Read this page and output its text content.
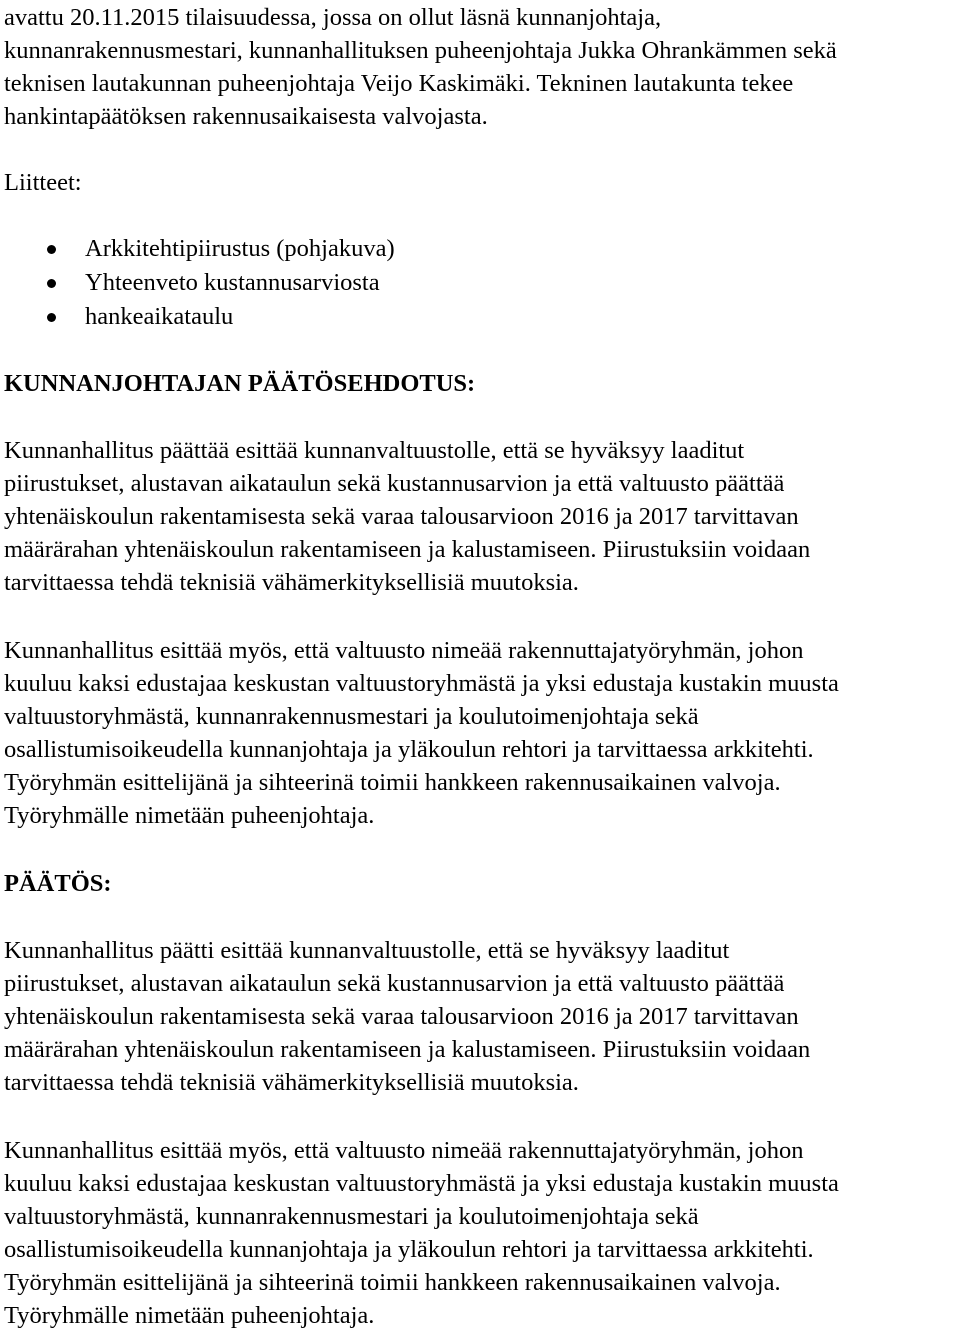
avattu 20.11.2015 tilaisuudessa, jossa on ollut läsnä kunnanjohtaja,
kunnanrakennusmestari, kunnanhallituksen puheenjohtaja Jukka Ohrankämmen sekä
teknisen lautakunnan puheenjohtaja Veijo Kaskimäki. Tekninen lautakunta tekee
hankintapäätöksen rakennusaikaisesta valvojasta.
Liitteet:
Arkkitehtipiirustus (pohjakuva)
Yhteenveto kustannusarviosta
hankeaikataulu
KUNNANJOHTAJAN PÄÄTÖSEHDOTUS:
Kunnanhallitus päättää esittää kunnanvaltuustolle, että se hyväksyy laaditut
piirustukset, alustavan aikataulun sekä kustannusarvion ja että valtuusto päättää
yhtenäiskoulun rakentamisesta sekä varaa talousarvioon 2016 ja 2017 tarvittavan
määrärahan yhtenäiskoulun rakentamiseen ja kalustamiseen. Piirustuksiin voidaan
tarvittaessa tehdä teknisiä vähämerkityksellisiä muutoksia.
Kunnanhallitus esittää myös, että valtuusto nimeää rakennuttajatyöryhmän, johon
kuuluu kaksi edustajaa keskustan valtuustoryhmästä ja yksi edustaja kustakin muusta
valtuustoryhmästä, kunnanrakennusmestari ja koulutoimenjohtaja sekä
osallistumisoikeudella kunnanjohtaja ja yläkoulun rehtori ja tarvittaessa arkkitehti.
Työryhmän esittelijänä ja sihteerinä toimii hankkeen rakennusaikainen valvoja.
Työryhmälle nimetään puheenjohtaja.
PÄÄTÖS:
Kunnanhallitus päätti esittää kunnanvaltuustolle, että se hyväksyy laaditut
piirustukset, alustavan aikataulun sekä kustannusarvion ja että valtuusto päättää
yhtenäiskoulun rakentamisesta sekä varaa talousarvioon 2016 ja 2017 tarvittavan
määrärahan yhtenäiskoulun rakentamiseen ja kalustamiseen. Piirustuksiin voidaan
tarvittaessa tehdä teknisiä vähämerkityksellisiä muutoksia.
Kunnanhallitus esittää myös, että valtuusto nimeää rakennuttajatyöryhmän, johon
kuuluu kaksi edustajaa keskustan valtuustoryhmästä ja yksi edustaja kustakin muusta
valtuustoryhmästä, kunnanrakennusmestari ja koulutoimenjohtaja sekä
osallistumisoikeudella kunnanjohtaja ja yläkoulun rehtori ja tarvittaessa arkkitehti.
Työryhmän esittelijänä ja sihteerinä toimii hankkeen rakennusaikainen valvoja.
Työryhmälle nimetään puheenjohtaja.
